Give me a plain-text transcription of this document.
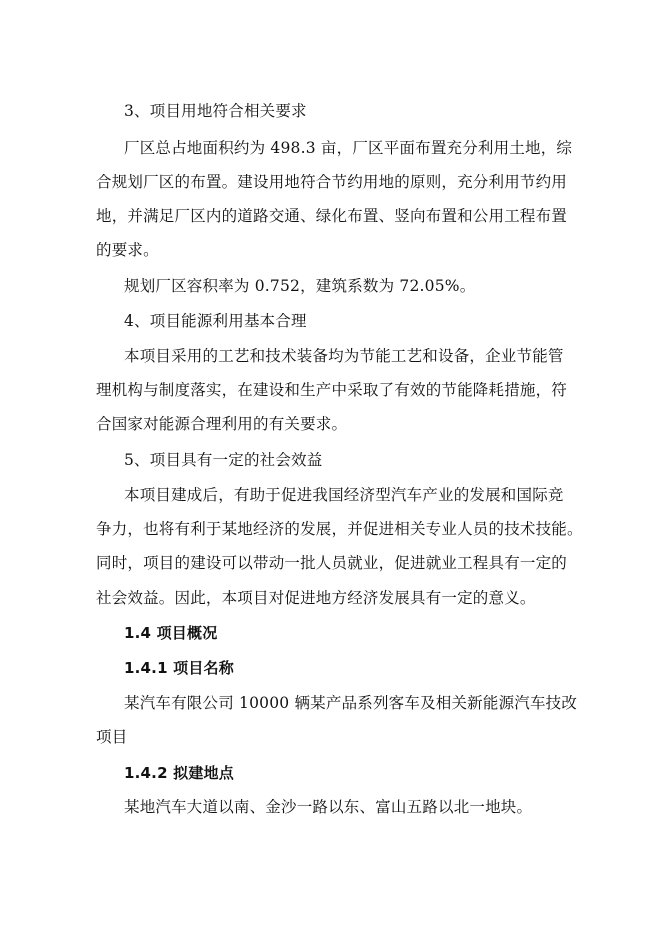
3、项目用地符合相关要求
厂区总占地面积约为 498.3 亩，厂区平面布置充分利用土地，综
合规划厂区的布置。建设用地符合节约用地的原则，充分利用节约用
地，并满足厂区内的道路交通、绿化布置、竖向布置和公用工程布置
的要求。
规划厂区容积率为 0.752，建筑系数为 72.05%。
4、项目能源利用基本合理
本项目采用的工艺和技术装备均为节能工艺和设备，企业节能管
理机构与制度落实，在建设和生产中采取了有效的节能降耗措施，符
合国家对能源合理利用的有关要求。
5、项目具有一定的社会效益
本项目建成后，有助于促进我国经济型汽车产业的发展和国际竞
争力，也将有利于某地经济的发展，并促进相关专业人员的技术技能。
同时，项目的建设可以带动一批人员就业，促进就业工程具有一定的
社会效益。因此，本项目对促进地方经济发展具有一定的意义。
1.4 项目概况
1.4.1 项目名称
某汽车有限公司 10000 辆某产品系列客车及相关新能源汽车技改
项目
1.4.2 拟建地点
某地汽车大道以南、金沙一路以东、富山五路以北一地块。
